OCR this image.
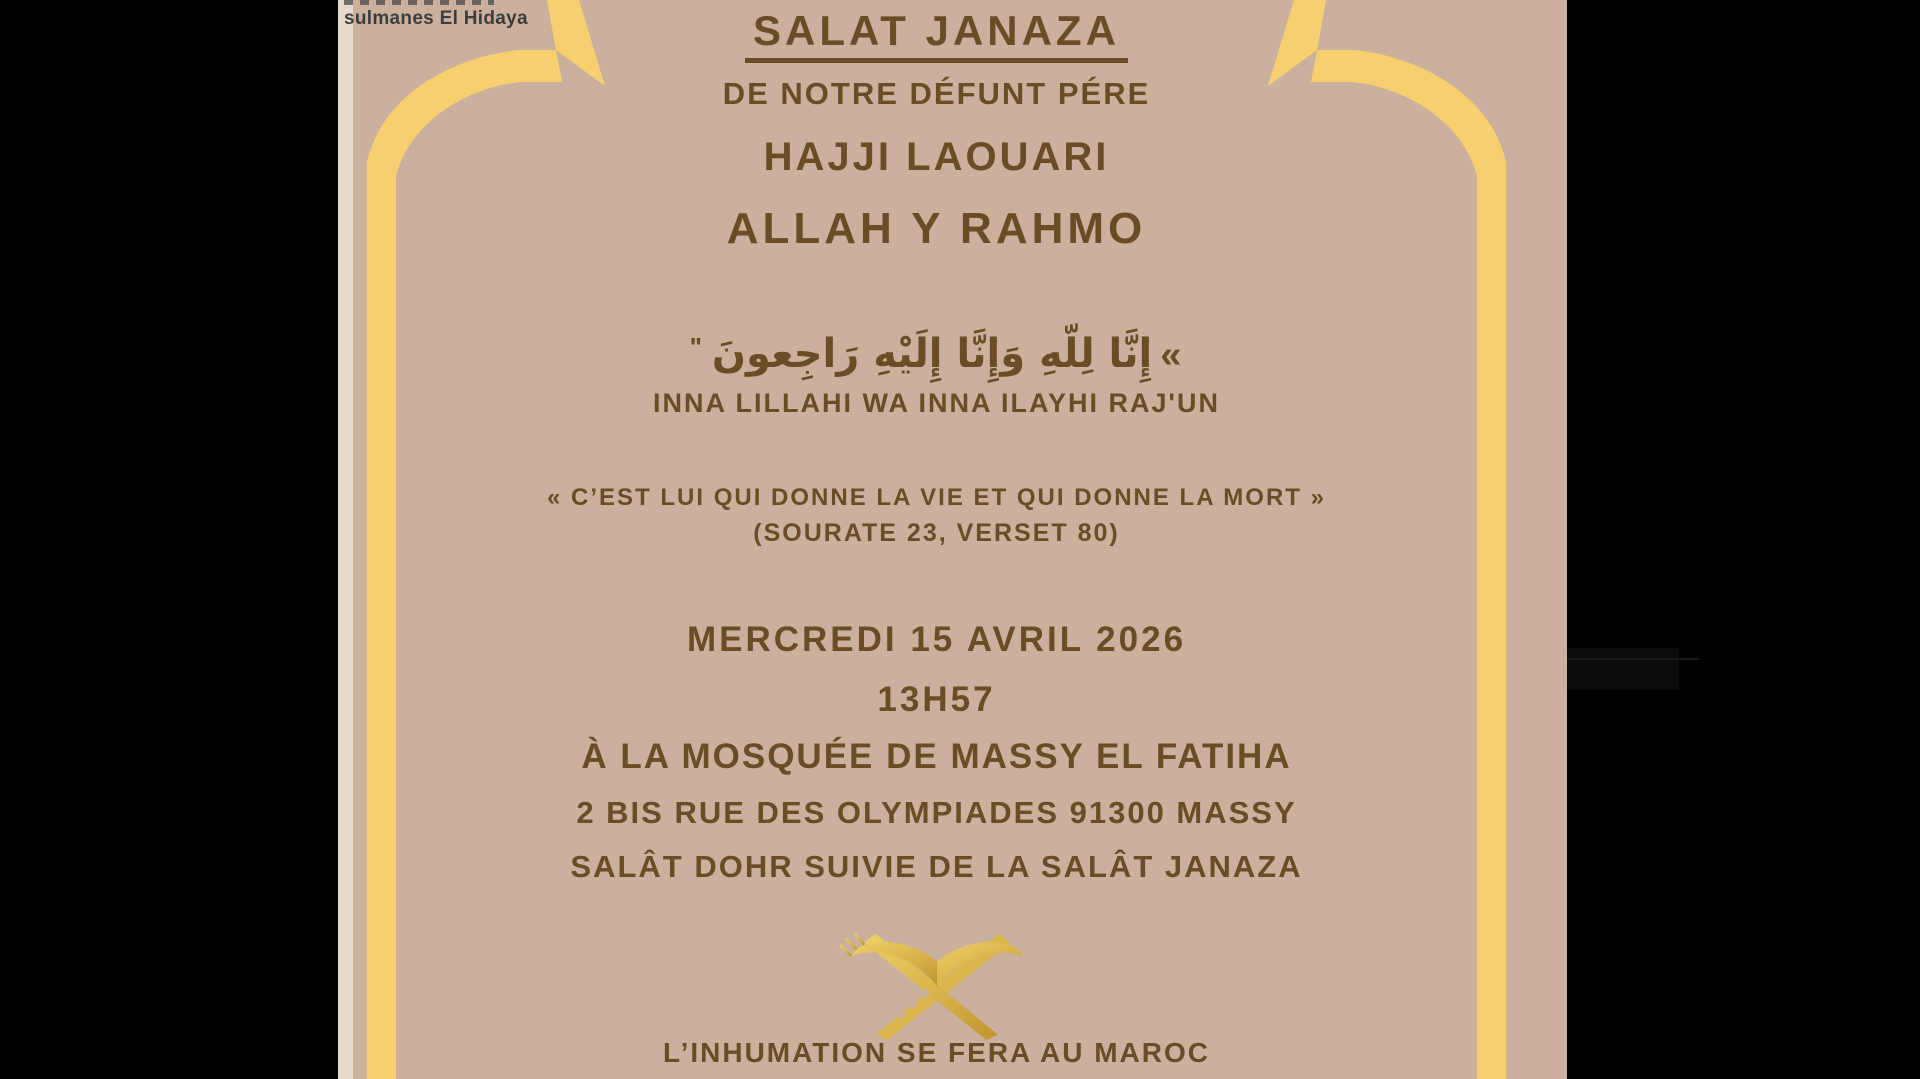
sulmanes El Hidaya	SALAT JANAZA
DE NOTRE DÉFUNT PÉRE
HAJJI LAOUARI
ALLAH Y RAHMO
" إِنَّا لِلّهِ وَإِنَّا إِلَيْهِ رَاجِعونَ «
INNA LILLAHI WA INNA ILAYHI RAJ'UN
« C’EST LUI QUI DONNE LA VIE ET QUI DONNE LA MORT »
(SOURATE 23, VERSET 80)
MERCREDI 15 AVRIL 2026
13H57
À LA MOSQUÉE DE MASSY EL FATIHA
2 BIS RUE DES OLYMPIADES 91300 MASSY
SALÂT DOHR SUIVIE DE LA SALÂT JANAZA
L’INHUMATION SE FERA AU MAROC
